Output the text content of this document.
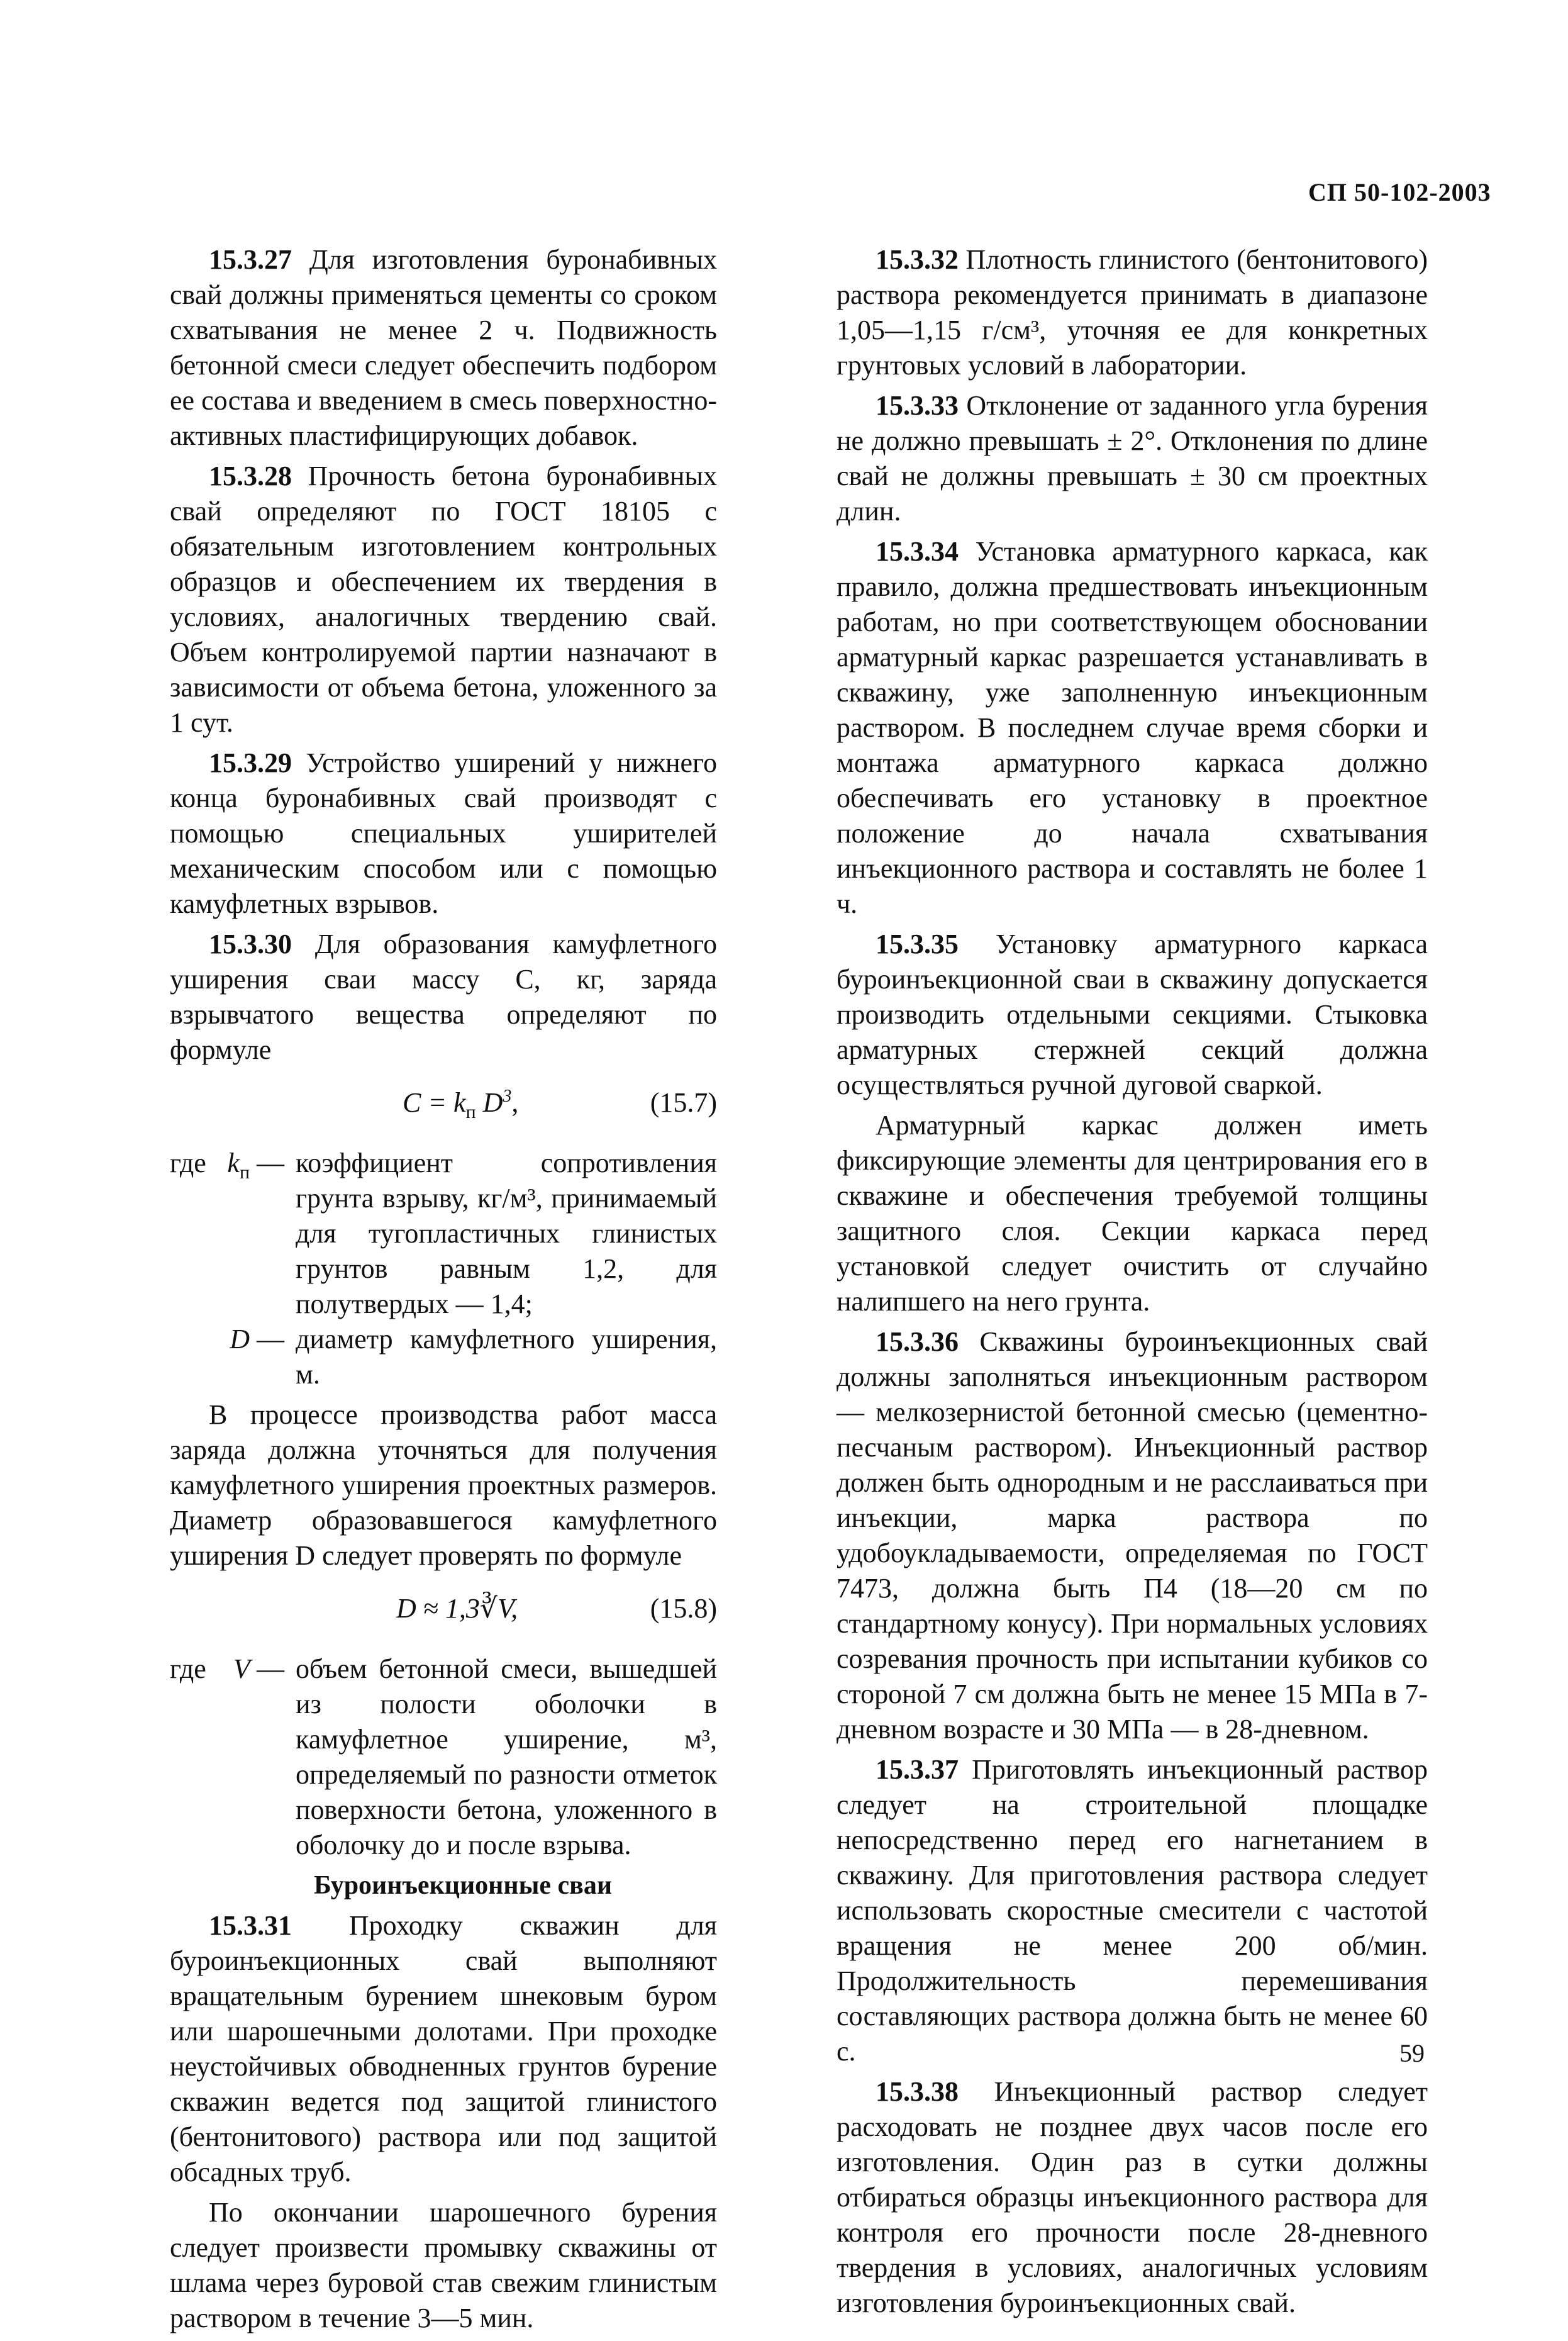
СП 50-102-2003

15.3.27 Для изготовления буронабивных свай должны применяться цементы со сроком схватывания не менее 2 ч. Подвижность бетонной смеси следует обеспечить подбором ее состава и введением в смесь поверхностно-активных пластифицирующих добавок.

15.3.28 Прочность бетона буронабивных свай определяют по ГОСТ 18105 с обязательным изготовлением контрольных образцов и обеспечением их твердения в условиях, аналогичных твердению свай. Объем контролируемой партии назначают в зависимости от объема бетона, уложенного за 1 сут.

15.3.29 Устройство уширений у нижнего конца буронабивных свай производят с помощью специальных уширителей механическим способом или с помощью камуфлетных взрывов.

15.3.30 Для образования камуфлетного уширения сваи массу C, кг, заряда взрывчатого вещества определяют по формуле

$C = k_п$ $D^3$,	(15.7)
где $k_п$ — коэффициент сопротивления грунта взрыву, кг/м³, принимаемый для тугопластичных глинистых грунтов равным 1,2, для полутвердых — 1,4;
D — диаметр камуфлетного уширения, м.

В процессе производства работ масса заряда должна уточняться для получения камуфлетного уширения проектных размеров. Диаметр образовавшегося камуфлетного уширения D следует проверять по формуле

D ≈ 1,3∛V,	(15.8)
где V — объем бетонной смеси, вышедшей из полости оболочки в камуфлетное уширение, м³, определяемый по разности отметок поверхности бетона, уложенного в оболочку до и после взрыва.

Буроинъекционные сваи

15.3.31 Проходку скважин для буроинъекционных свай выполняют вращательным бурением шнековым буром или шарошечными долотами. При проходке неустойчивых обводненных грунтов бурение скважин ведется под защитой глинистого (бентонитового) раствора или под защитой обсадных труб.

По окончании шарошечного бурения следует произвести промывку скважины от шлама через буровой став свежим глинистым раствором в течение 3—5 мин.

15.3.32 Плотность глинистого (бентонитового) раствора рекомендуется принимать в диапазоне 1,05—1,15 г/см³, уточняя ее для конкретных грунтовых условий в лаборатории.

15.3.33 Отклонение от заданного угла бурения не должно превышать ± 2°. Отклонения по длине свай не должны превышать ± 30 см проектных длин.

15.3.34 Установка арматурного каркаса, как правило, должна предшествовать инъекционным работам, но при соответствующем обосновании арматурный каркас разрешается устанавливать в скважину, уже заполненную инъекционным раствором. В последнем случае время сборки и монтажа арматурного каркаса должно обеспечивать его установку в проектное положение до начала схватывания инъекционного раствора и составлять не более 1 ч.

15.3.35 Установку арматурного каркаса буроинъекционной сваи в скважину допускается производить отдельными секциями. Стыковка арматурных стержней секций должна осуществляться ручной дуговой сваркой.

Арматурный каркас должен иметь фиксирующие элементы для центрирования его в скважине и обеспечения требуемой толщины защитного слоя. Секции каркаса перед установкой следует очистить от случайно налипшего на него грунта.

15.3.36 Скважины буроинъекционных свай должны заполняться инъекционным раствором — мелкозернистой бетонной смесью (цементно-песчаным раствором). Инъекционный раствор должен быть однородным и не расслаиваться при инъекции, марка раствора по удобоукладываемости, определяемая по ГОСТ 7473, должна быть П4 (18—20 см по стандартному конусу). При нормальных условиях созревания прочность при испытании кубиков со стороной 7 см должна быть не менее 15 МПа в 7-дневном возрасте и 30 МПа — в 28-дневном.

15.3.37 Приготовлять инъекционный раствор следует на строительной площадке непосредственно перед его нагнетанием в скважину. Для приготовления раствора следует использовать скоростные смесители с частотой вращения не менее 200 об/мин. Продолжительность перемешивания составляющих раствора должна быть не менее 60 с.

15.3.38 Инъекционный раствор следует расходовать не позднее двух часов после его изготовления. Один раз в сутки должны отбираться образцы инъекционного раствора для контроля его прочности после 28-дневного твердения в условиях, аналогичных условиям изготовления буроинъекционных свай.

59
